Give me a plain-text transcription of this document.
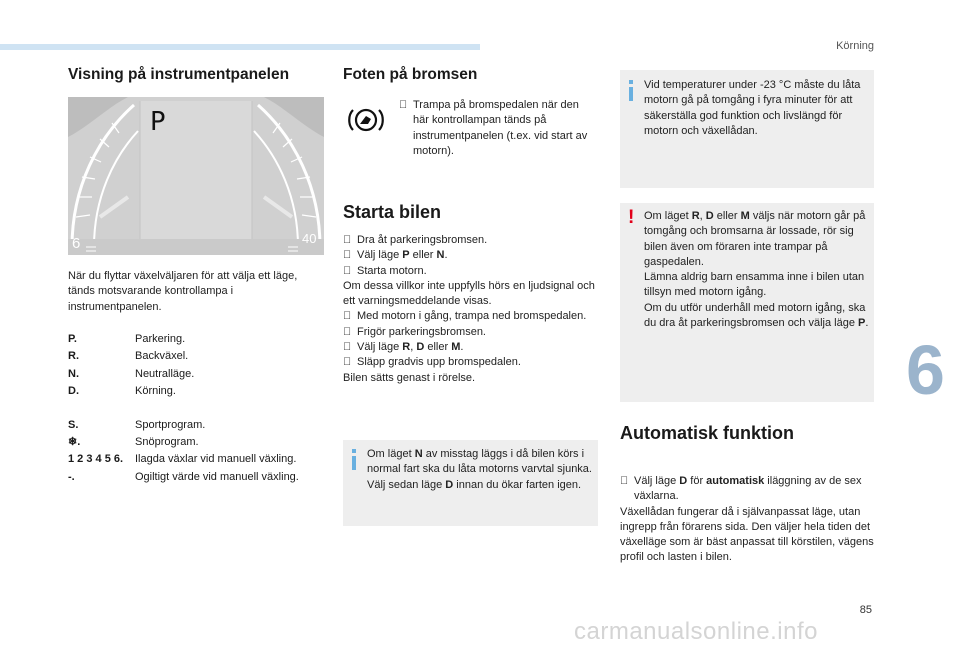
Körning
6
85
carmanualsonline.info
Visning på instrumentpanelen
P
6	40

När du flyttar växelväljaren för att välja ett läge, tänds motsvarande kontrollampa i instrumentpanelen.

P.	Parkering.
R.	Backväxel.
N.	Neutralläge.
D.	Körning.
S.	Sportprogram.
❄.	Snöprogram.
1 2 3 4 5 6.	Ilagda växlar vid manuell växling.
-.	Ogiltigt värde vid manuell växling.
Foten på bromsen
Trampa på bromspedalen när den här kontrollampan tänds på instrumentpanelen (t.ex. vid start av motorn).
Starta bilen
Dra åt parkeringsbromsen.
Välj läge P eller N.
Starta motorn.
Om dessa villkor inte uppfylls hörs en ljudsignal och ett varningsmeddelande visas.
Med motorn i gång, trampa ned bromspedalen.
Frigör parkeringsbromsen.
Välj läge R, D eller M.
Släpp gradvis upp bromspedalen.
Bilen sätts genast i rörelse.

Om läget N av misstag läggs i då bilen körs i normal fart ska du låta motorns varvtal sjunka. Välj sedan läge D innan du ökar farten igen.

Vid temperaturer under -23 °C måste du låta motorn gå på tomgång i fyra minuter för att säkerställa god funktion och livslängd för motorn och växellådan.

! Om läget R, D eller M väljs när motorn går på tomgång och bromsarna är lossade, rör sig bilen även om föraren inte trampar på gaspedalen.

Lämna aldrig barn ensamma inne i bilen utan tillsyn med motorn igång.

Om du utför underhåll med motorn igång, ska du dra åt parkeringsbromsen och välja läge P.

Automatisk funktion
Välj läge D för automatisk iläggning av de sex växlarna.

Växellådan fungerar då i självanpassat läge, utan ingrepp från förarens sida. Den väljer hela tiden det växelläge som är bäst anpassat till körstilen, vägens profil och lasten i bilen.
